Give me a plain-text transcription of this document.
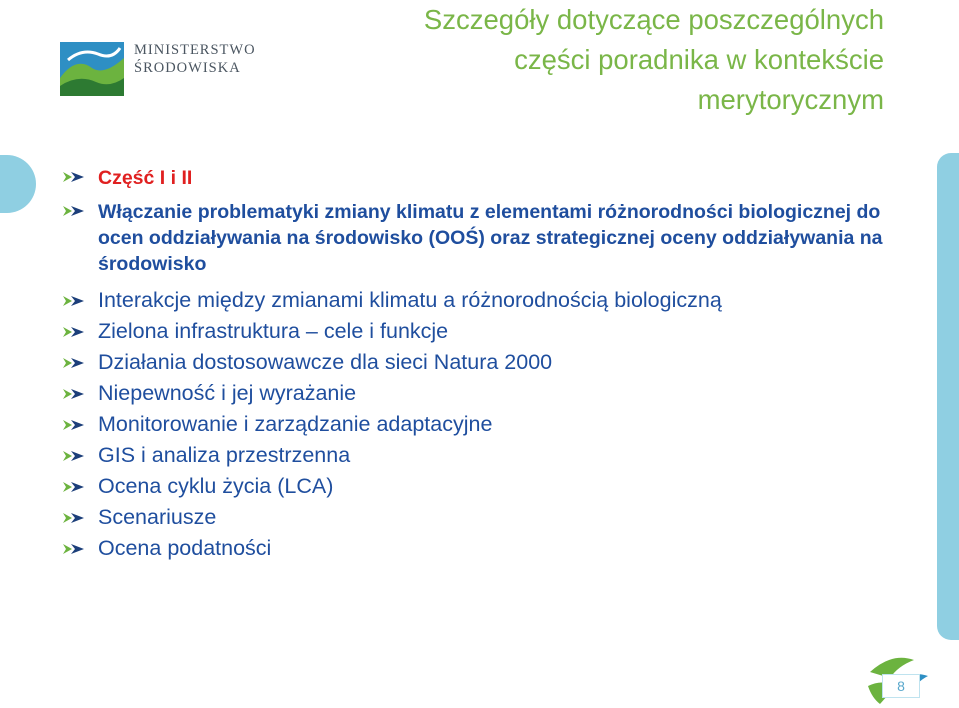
MINISTERSTWO
ŚRODOWISKA
Szczegóły dotyczące poszczególnych
części poradnika w kontekście
merytorycznym
Część I i II
Włączanie problematyki zmiany klimatu z elementami różnorodności biologicznej do ocen oddziaływania na środowisko (OOŚ) oraz strategicznej oceny oddziaływania na środowisko
Interakcje między zmianami klimatu a różnorodnością biologiczną
Zielona infrastruktura – cele i funkcje
Działania dostosowawcze dla sieci Natura 2000
Niepewność i jej wyrażanie
Monitorowanie i zarządzanie adaptacyjne
GIS i analiza przestrzenna
Ocena cyklu życia (LCA)
Scenariusze
Ocena podatności
8
